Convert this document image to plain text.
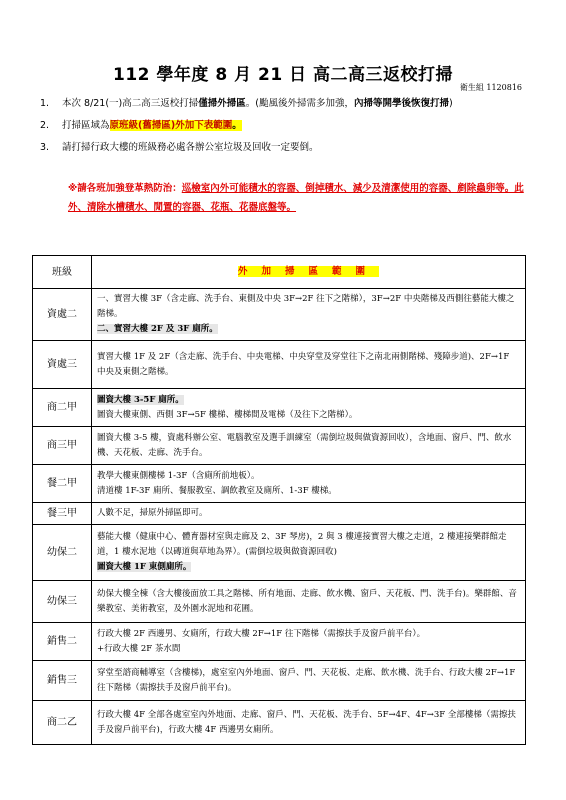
112 學年度 8 月 21 日 高二高三返校打掃
衛生組 1120816
1.	本次 8/21(一)高二高三返校打掃僅掃外掃區。(颱風後外掃需多加強，內掃等開學後恢復打掃)
2.	打掃區域為原班級(舊掃區)外加下表範圍。
3.	請打掃行政大樓的班級務必處各辦公室垃圾及回收一定要倒。
※請各班加強登革熱防治：巡檢室內外可能積水的容器、倒掉積水、減少及清潔使用的容器、剷除蟲卵等。此外、清除水槽積水、閒置的容器、花瓶、花器底盤等。
班級	外加掃區範圍
資處二	一、實習大樓 3F（含走廊、洗手台、東側及中央 3F→2F 往下之階梯），3F→2F 中央階梯及西側往藝能大樓之階梯。
二、實習大樓 2F 及 3F 廁所。
資處三	實習大樓 1F 及 2F（含走廊、洗手台、中央電梯、中央穿堂及穿堂往下之南北兩側階梯、殘障步道)、2F→1F 中央及東側之階梯。

商二甲	圖資大樓 3-5F 廁所。
圖資大樓東側、西側 3F→5F 樓梯、樓梯間及電梯（及往下之階梯）。

商三甲	圖資大樓 3-5 樓，資處科辦公室、電腦教室及選手訓練室（需倒垃圾與做資源回收），含地面、窗戶、門、飲水機、天花板、走廊、洗手台。

餐二甲	教學大樓東側樓梯 1-3F（含廁所前地板）。
清道樓 1F-3F 廁所、餐服教室、調飲教室及廁所、1-3F 樓梯。

餐三甲	人數不足，掃原外掃區即可。

幼保二	藝能大樓（健康中心、體育器材室與走廊及 2、3F 琴房)，2 與 3 樓連接實習大樓之走道，2 樓連接樂群館走道，1 樓水泥地（以磚道與草地為界）。(需倒垃圾與做資源回收)
圖資大樓 1F 東側廁所。

幼保三	幼保大樓全棟（含大樓後面放工具之階梯、所有地面、走廊、飲水機、窗戶、天花板、門、洗手台)。樂群館、音樂教室、美術教室，及外圍水泥地和花圃。

銷售二	行政大樓 2F 西邊男、女廁所，行政大樓 2F→1F 往下階梯（需擦扶手及窗戶前平台）。
+行政大樓 2F 茶水間

銷售三	穿堂至諮商輔導室（含樓梯)，處室室內外地面、窗戶、門、天花板、走廊、飲水機、洗手台、行政大樓 2F→1F 往下階梯（需擦扶手及窗戶前平台)。

商二乙	行政大樓 4F 全部各處室室內外地面、走廊、窗戶、門、天花板、洗手台、5F→4F、4F→3F 全部樓梯（需擦扶手及窗戶前平台)，行政大樓 4F 西邊男女廁所。
